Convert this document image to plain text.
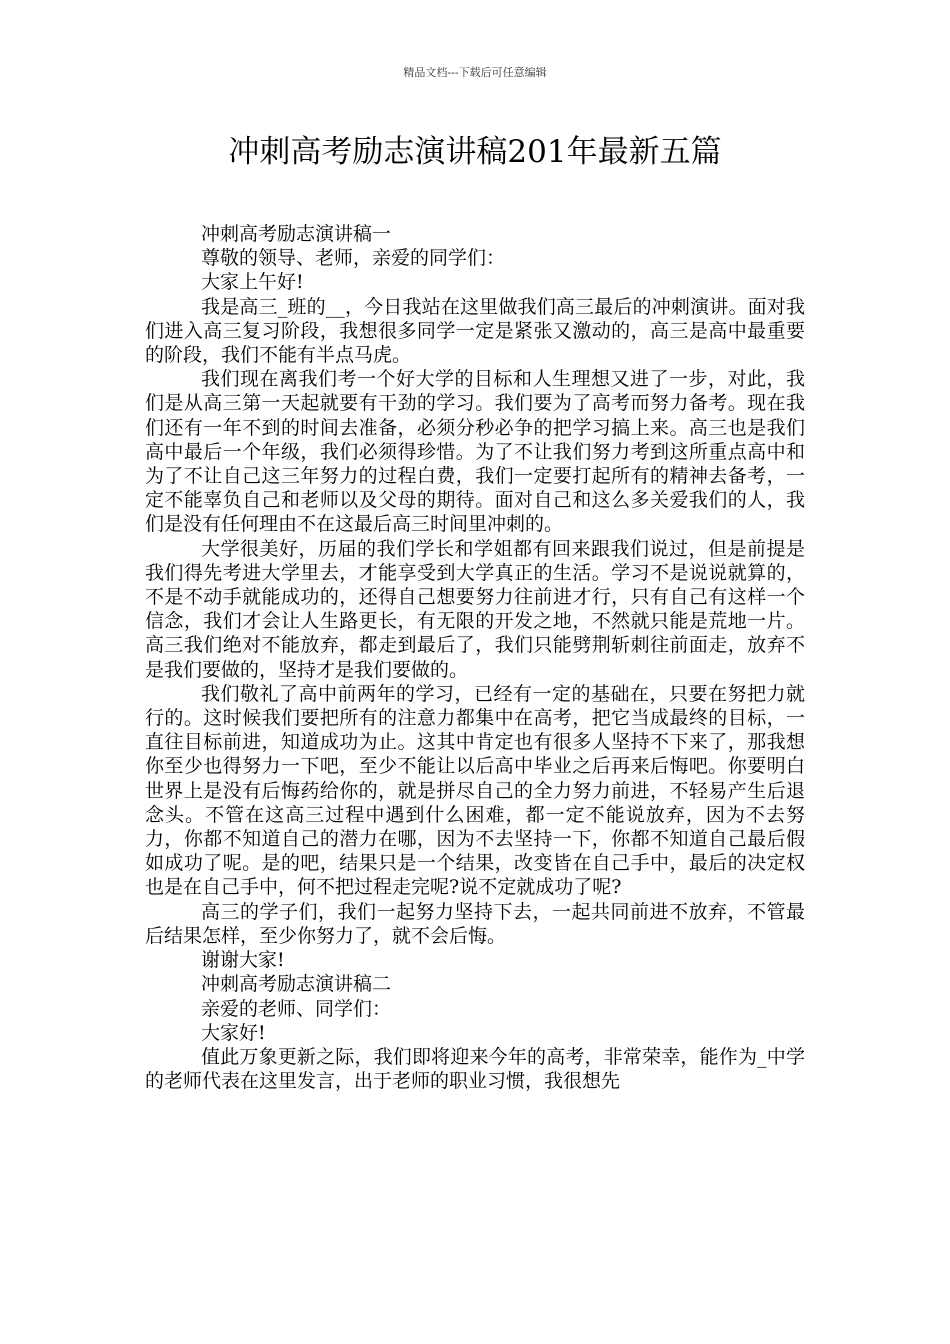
精品文档---下载后可任意编辑
冲刺高考励志演讲稿201年最新五篇

冲刺高考励志演讲稿一

尊敬的领导、老师，亲爱的同学们：

大家上午好!

我是高三_班的__，今日我站在这里做我们高三最后的冲刺演讲。面对我们进入高三复习阶段，我想很多同学一定是紧张又激动的，高三是高中最重要的阶段，我们不能有半点马虎。

我们现在离我们考一个好大学的目标和人生理想又进了一步，对此，我们是从高三第一天起就要有干劲的学习。我们要为了高考而努力备考。现在我们还有一年不到的时间去准备，必须分秒必争的把学习搞上来。高三也是我们高中最后一个年级，我们必须得珍惜。为了不让我们努力考到这所重点高中和为了不让自己这三年努力的过程白费，我们一定要打起所有的精神去备考，一定不能辜负自己和老师以及父母的期待。面对自己和这么多关爱我们的人，我们是没有任何理由不在这最后高三时间里冲刺的。

大学很美好，历届的我们学长和学姐都有回来跟我们说过，但是前提是我们得先考进大学里去，才能享受到大学真正的生活。学习不是说说就算的，不是不动手就能成功的，还得自己想要努力往前进才行，只有自己有这样一个信念，我们才会让人生路更长，有无限的开发之地，不然就只能是荒地一片。高三我们绝对不能放弃，都走到最后了，我们只能劈荆斩刺往前面走，放弃不是我们要做的，坚持才是我们要做的。

我们敬礼了高中前两年的学习，已经有一定的基础在，只要在努把力就行的。这时候我们要把所有的注意力都集中在高考，把它当成最终的目标，一直往目标前进，知道成功为止。这其中肯定也有很多人坚持不下来了，那我想你至少也得努力一下吧，至少不能让以后高中毕业之后再来后悔吧。你要明白世界上是没有后悔药给你的，就是拼尽自己的全力努力前进，不轻易产生后退念头。不管在这高三过程中遇到什么困难，都一定不能说放弃，因为不去努力，你都不知道自己的潜力在哪，因为不去坚持一下，你都不知道自己最后假如成功了呢。是的吧，结果只是一个结果，改变皆在自己手中，最后的决定权也是在自己手中，何不把过程走完呢?说不定就成功了呢?

高三的学子们，我们一起努力坚持下去，一起共同前进不放弃，不管最后结果怎样，至少你努力了，就不会后悔。

谢谢大家!

冲刺高考励志演讲稿二

亲爱的老师、同学们：

大家好!

值此万象更新之际，我们即将迎来今年的高考，非常荣幸，能作为_中学的老师代表在这里发言，出于老师的职业习惯，我很想先
